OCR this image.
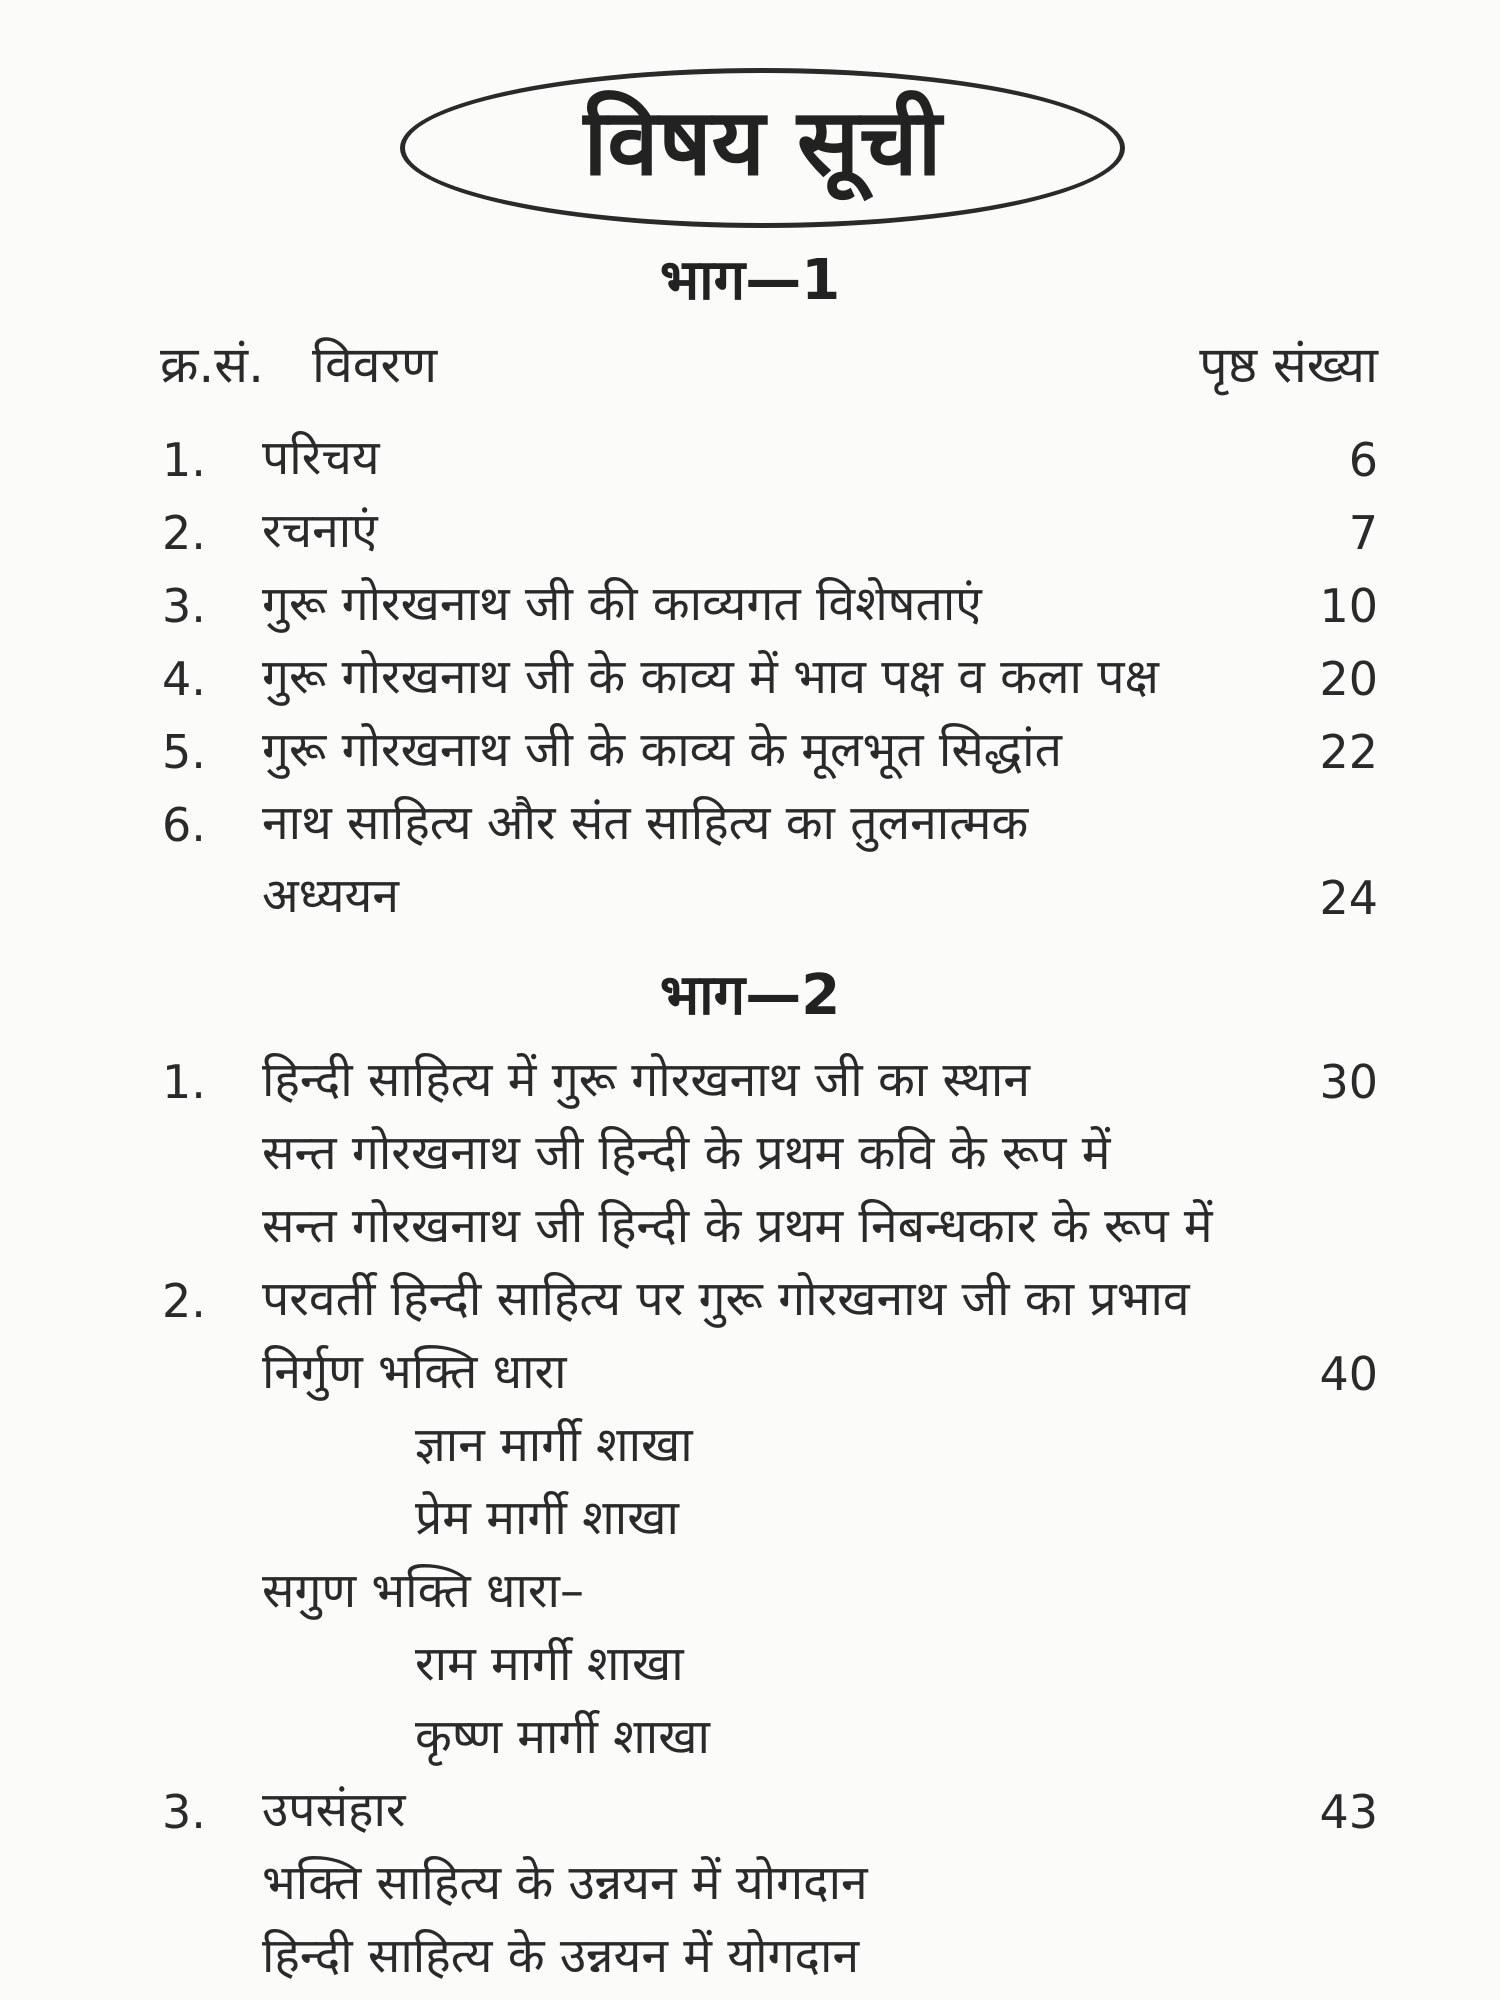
विषय सूची
भाग—1
क्र.सं. विवरण	पृष्ठ संख्या
1. परिचय	6
2. रचनाएं	7
3. गुरू गोरखनाथ जी की काव्यगत विशेषताएं	10
4. गुरू गोरखनाथ जी के काव्य में भाव पक्ष व कला पक्ष	20
5. गुरू गोरखनाथ जी के काव्य के मूलभूत सिद्धांत	22
6. नाथ साहित्य और संत साहित्य का तुलनात्मक
अध्ययन	24
भाग—2
1. हिन्दी साहित्य में गुरू गोरखनाथ जी का स्थान	30
सन्त गोरखनाथ जी हिन्दी के प्रथम कवि के रूप में
सन्त गोरखनाथ जी हिन्दी के प्रथम निबन्धकार के रूप में
2. परवर्ती हिन्दी साहित्य पर गुरू गोरखनाथ जी का प्रभाव
निर्गुण भक्ति धारा	40
ज्ञान मार्गी शाखा
प्रेम मार्गी शाखा
सगुण भक्ति धारा–
राम मार्गी शाखा
कृष्ण मार्गी शाखा
3. उपसंहार	43
भक्ति साहित्य के उन्नयन में योगदान
हिन्दी साहित्य के उन्नयन में योगदान
